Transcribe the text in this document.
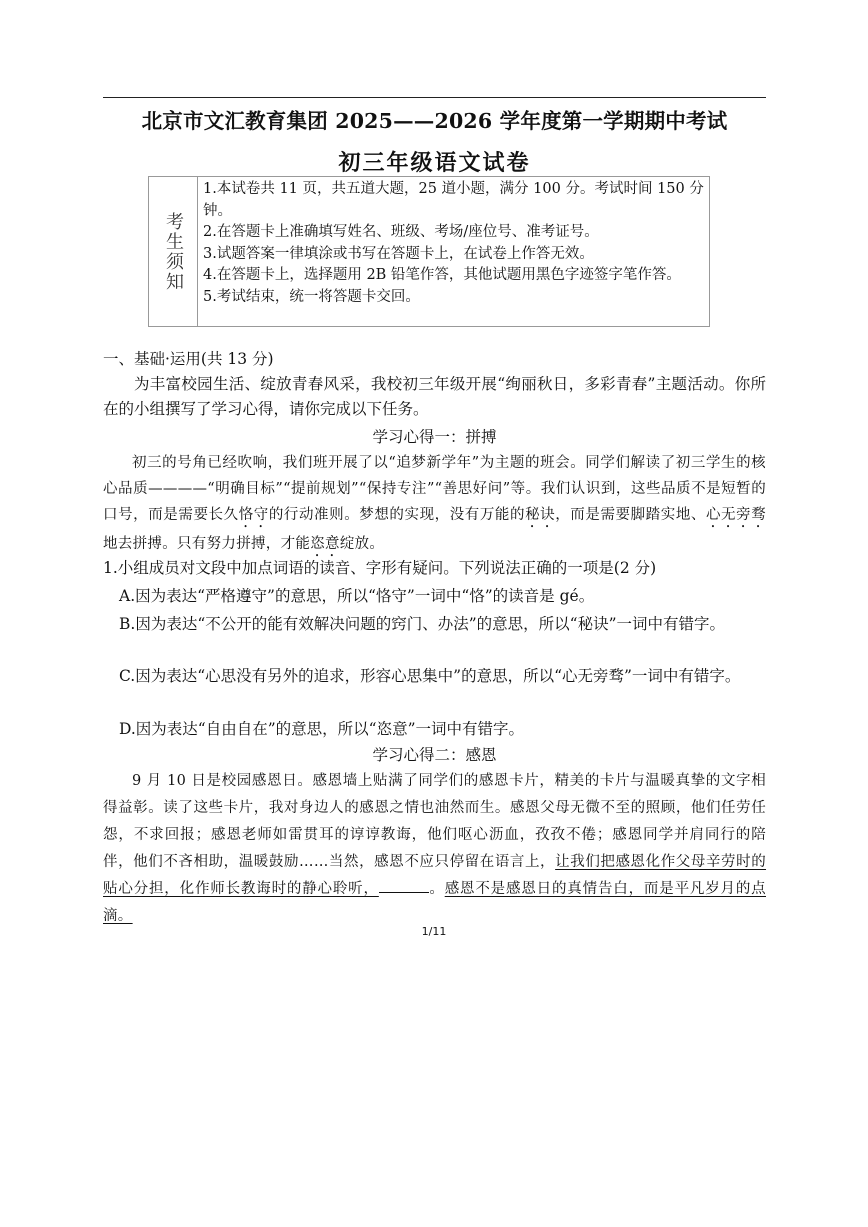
北京市文汇教育集团 2025——2026 学年度第一学期期中考试
初三年级语文试卷
考生须知
1.本试卷共 11 页，共五道大题，25 道小题，满分 100 分。考试时间 150 分钟。
2.在答题卡上准确填写姓名、班级、考场/座位号、准考证号。
3.试题答案一律填涂或书写在答题卡上，在试卷上作答无效。
4.在答题卡上，选择题用 2B 铅笔作答，其他试题用黑色字迹签字笔作答。
5.考试结束，统一将答题卡交回。
一、基础·运用(共 13 分)
为丰富校园生活、绽放青春风采，我校初三年级开展“绚丽秋日，多彩青春”主题活动。你所在的小组撰写了学习心得，请你完成以下任务。
学习心得一：拼搏
初三的号角已经吹响，我们班开展了以“追梦新学年”为主题的班会。同学们解读了初三学生的核心品质————“明确目标”“提前规划”“保持专注”“善思好问”等。我们认识到，这些品质不是短暂的口号，而是需要长久恪守的行动准则。梦想的实现，没有万能的秘诀，而是需要脚踏实地、心无旁骛地去拼搏。只有努力拼搏，才能恣意绽放。
1.小组成员对文段中加点词语的读音、字形有疑问。下列说法正确的一项是(2 分)
A.因为表达“严格遵守”的意思，所以“恪守”一词中“恪”的读音是 gé。
B.因为表达“不公开的能有效解决问题的窍门、办法”的意思，所以“秘诀”一词中有错字。
C.因为表达“心思没有另外的追求，形容心思集中”的意思，所以“心无旁骛”一词中有错字。
D.因为表达“自由自在”的意思，所以“恣意”一词中有错字。
学习心得二：感恩
9 月 10 日是校园感恩日。感恩墙上贴满了同学们的感恩卡片，精美的卡片与温暖真挚的文字相得益彰。读了这些卡片，我对身边人的感恩之情也油然而生。感恩父母无微不至的照顾，他们任劳任怨，不求回报；感恩老师如雷贯耳的谆谆教诲，他们呕心沥血，孜孜不倦；感恩同学并肩同行的陪伴，他们不吝相助，温暖鼓励……当然，感恩不应只停留在语言上，让我们把感恩化作父母辛劳时的贴心分担，化作师长教诲时的静心聆听，	。感恩不是感恩日的真情告白，而是平凡岁月的点滴。
1/11
